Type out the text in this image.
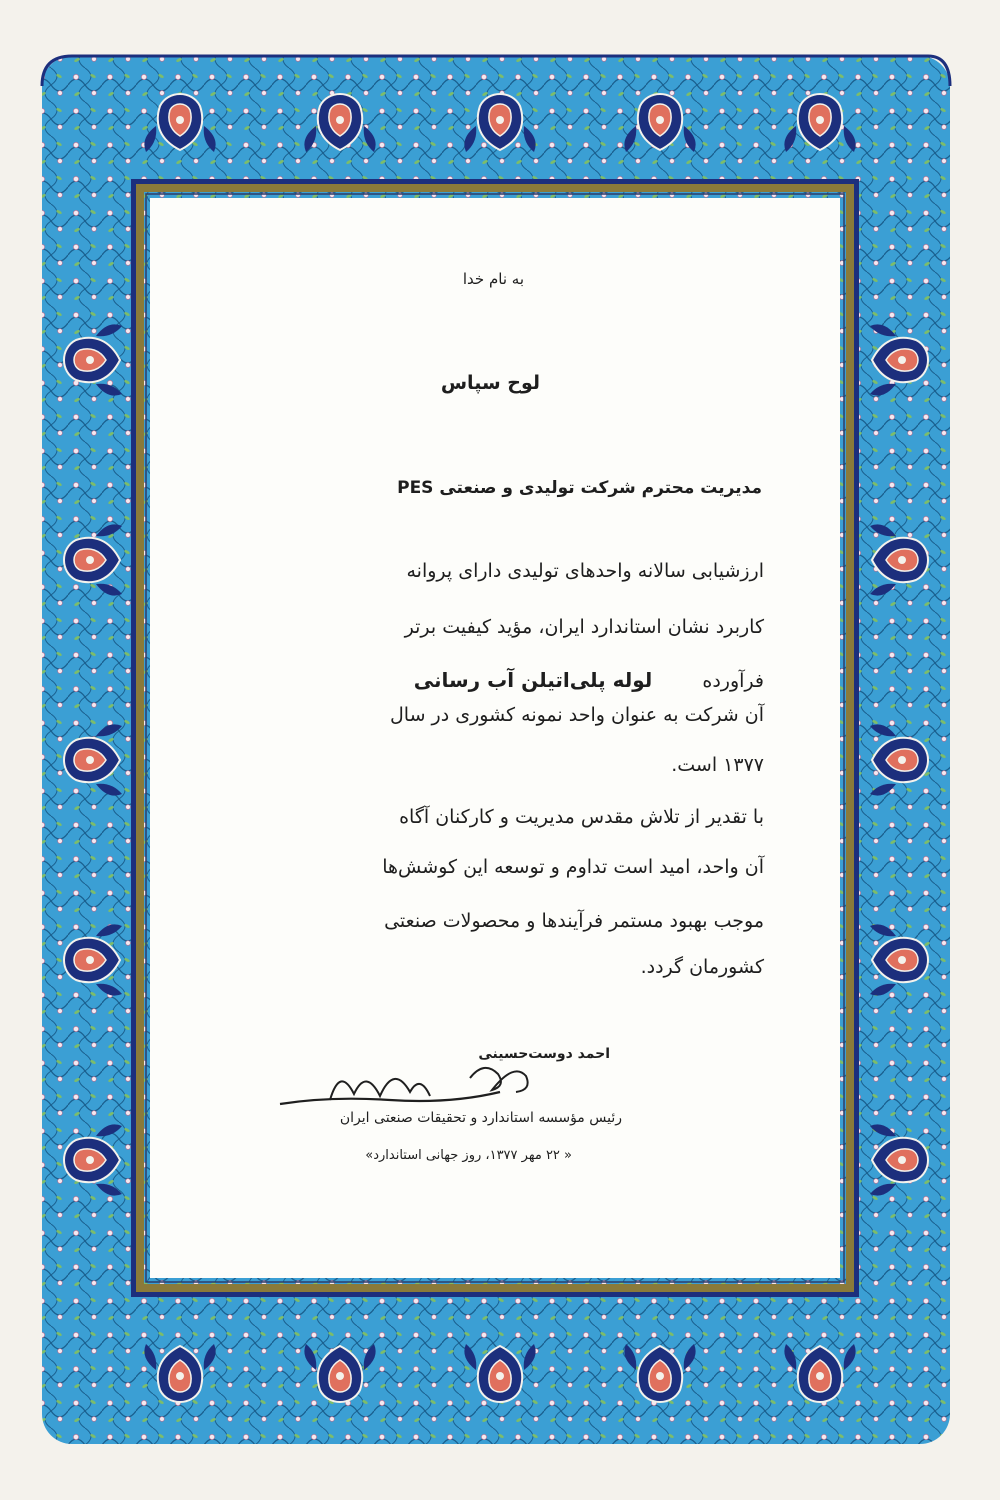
به نام خدا
لوح سپاس
مدیریت محترم شرکت تولیدی و صنعتی PES
ارزشیابی سالانه واحدهای تولیدی دارای پروانه
کاربرد نشان استاندارد ایران، مؤید کیفیت برتر
فرآورده لوله پلی‌اتیلن آب رسانی
آن شرکت به عنوان واحد نمونه کشوری در سال
۱۳۷۷ است.
با تقدیر از تلاش مقدس مدیریت و کارکنان آگاه
آن واحد، امید است تداوم و توسعه این کوشش‌ها
موجب بهبود مستمر فرآیندها و محصولات صنعتی
کشورمان گردد.
احمد دوست‌حسینی
رئیس مؤسسه استاندارد و تحقیقات صنعتی ایران
« ۲۲ مهر ۱۳۷۷، روز جهانی استاندارد»
